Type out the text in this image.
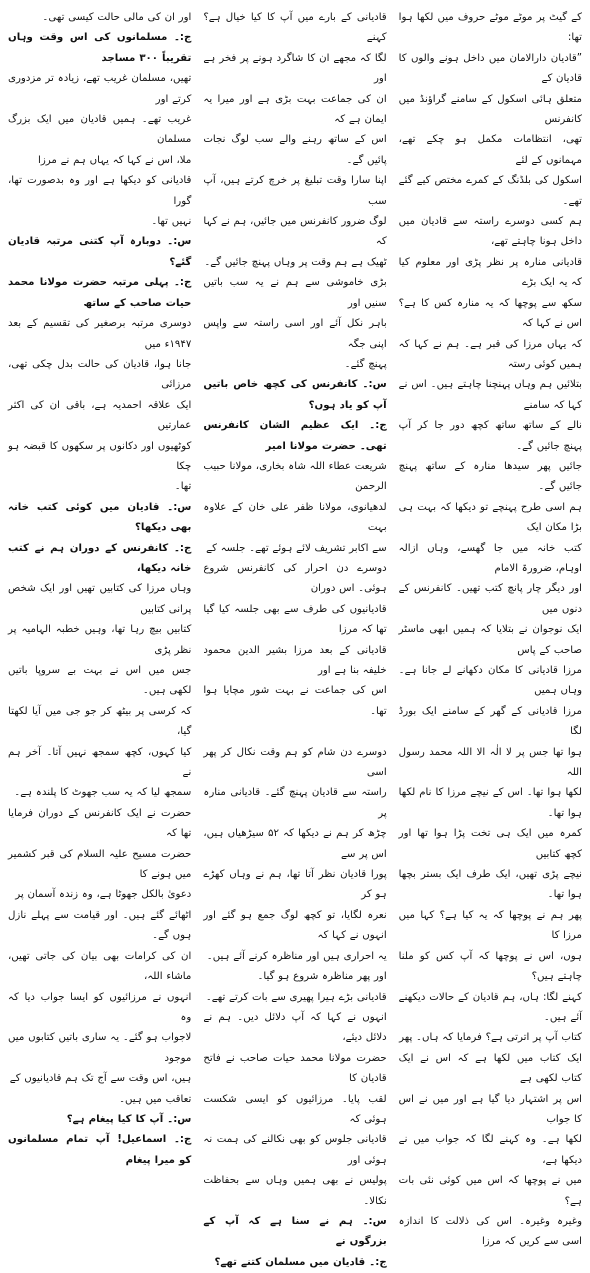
کے گیٹ پر موٹے موٹے حروف میں لکھا ہوا تھا:

”قادیان دارالامان میں داخل ہونے والوں کا قادیان کے

متعلق ہائی اسکول کے سامنے گراؤنڈ میں کانفرنس

تھی، انتظامات مکمل ہو چکے تھے، مہمانوں کے لئے

اسکول کی بلڈنگ کے کمرے مختص کیے گئے تھے۔

ہم کسی دوسرے راستہ سے قادیان میں داخل ہونا چاہتے تھے،

قادیانی منارہ پر نظر پڑی اور معلوم کیا کہ یہ ایک بڑے

سکھ سے پوچھا کہ یہ منارہ کس کا ہے؟ اس نے کہا کہ

کہ یہاں مرزا کی قبر ہے۔ ہم نے کہا کہ ہمیں کوئی رستہ

بتلائیں ہم وہاں پہنچنا چاہتے ہیں۔ اس نے کہا کہ سامنے

نالے کے ساتھ ساتھ کچھ دور جا کر آپ پہنچ جائیں گے۔

جائیں پھر سیدھا منارہ کے ساتھ پہنچ جائیں گے۔

ہم اسی طرح پہنچے تو دیکھا کہ بہت ہی بڑا مکان ایک

کتب خانہ میں جا گھسے، وہاں ازالہ اوہام، ضرورۃ الامام

اور دیگر چار پانچ کتب تھیں۔ کانفرنس کے دنوں میں

ایک نوجوان نے بتلایا کہ ہمیں ابھی ماسٹر صاحب کے پاس

مرزا قادیانی کا مکان دکھانے لے جانا ہے۔ وہاں ہمیں

مرزا قادیانی کے گھر کے سامنے ایک بورڈ لگا

ہوا تھا جس پر لا الٰہ الا اللہ محمد رسول اللہ

لکھا ہوا تھا۔ اس کے نیچے مرزا کا نام لکھا ہوا تھا۔

کمرہ میں ایک ہی تخت پڑا ہوا تھا اور کچھ کتابیں

نیچے پڑی تھیں، ایک طرف ایک بستر بچھا ہوا تھا۔

پھر ہم نے پوچھا کہ یہ کیا ہے؟ کہا میں مرزا کا

ہوں، اس نے پوچھا کہ آپ کس کو ملنا چاہتے ہیں؟

کہنے لگا: ہاں، ہم قادیان کے حالات دیکھنے آئے ہیں۔

کتاب آپ پر اترتی ہے؟ فرمایا کہ ہاں۔ پھر

ایک کتاب میں لکھا ہے کہ اس نے ایک کتاب لکھی ہے

اس پر اشتہار دیا گیا ہے اور میں نے اس کا جواب

لکھا ہے۔ وہ کہنے لگا کہ جواب میں نے دیکھا ہے،

میں نے پوچھا کہ اس میں کوئی نئی بات ہے؟

وغیرہ وغیرہ۔ اس کی ذلالت کا اندازہ اسی سے کریں کہ مرزا

قادیانی کے بارے میں آپ کا کیا خیال ہے؟ کہنے

لگا کہ مجھے ان کا شاگرد ہونے پر فخر ہے اور

ان کی جماعت بہت بڑی ہے اور میرا یہ ایمان ہے کہ

اس کے ساتھ رہنے والے سب لوگ نجات پائیں گے۔

اپنا سارا وقت تبلیغ پر خرچ کرتے ہیں، آپ سب

لوگ ضرور کانفرنس میں جائیں، ہم نے کہا کہ

ٹھیک ہے ہم وقت پر وہاں پہنچ جائیں گے۔

بڑی خاموشی سے ہم نے یہ سب باتیں سنیں اور

باہر نکل آئے اور اسی راستہ سے واپس اپنی جگہ

پہنچ گئے۔

س:۔ کانفرنس کی کچھ خاص باتیں آپ کو یاد ہوں؟

ج:۔ ایک عظیم الشان کانفرنس تھی۔ حضرت مولانا امیر

شریعت عطاء اللہ شاہ بخاری، مولانا حبیب الرحمن

لدھیانوی، مولانا ظفر علی خان کے علاوہ بہت

سے اکابر تشریف لائے ہوئے تھے۔ جلسہ کے

دوسرے دن احرار کی کانفرنس شروع ہوئی۔ اس دوران

قادیانیوں کی طرف سے بھی جلسہ کیا گیا تھا کہ مرزا

قادیانی کے بعد مرزا بشیر الدین محمود خلیفہ بنا ہے اور

اس کی جماعت نے بہت شور مچایا ہوا تھا۔

دوسرے دن شام کو ہم وقت نکال کر پھر اسی

راستہ سے قادیان پہنچ گئے۔ قادیانی منارہ پر

چڑھ کر ہم نے دیکھا کہ ۵۲ سیڑھیاں ہیں، اس پر سے

پورا قادیان نظر آتا تھا، ہم نے وہاں کھڑے ہو کر

نعرہ لگایا، تو کچھ لوگ جمع ہو گئے اور انہوں نے کہا کہ

یہ احراری ہیں اور مناظرہ کرنے آئے ہیں۔

اور پھر مناظرہ شروع ہو گیا۔

قادیانی بڑے ہیرا پھیری سے بات کرتے تھے۔

انہوں نے کہا کہ آپ دلائل دیں۔ ہم نے دلائل دیئے،

حضرت مولانا محمد حیات صاحب نے فاتح قادیان کا

لقب پایا۔ مرزائیوں کو ایسی شکست ہوئی کہ

قادیانی جلوس کو بھی نکالنے کی ہمت نہ ہوئی اور

پولیس نے بھی ہمیں وہاں سے بحفاظت نکالا۔

س:۔ ہم نے سنا ہے کہ آپ کے بزرگوں نے

ج:۔ قادیان میں مسلمان کتنے تھے؟

اور ان کی مالی حالت کیسی تھی۔

ج:۔ مسلمانوں کی اس وقت وہاں تقریباً ۳۰۰ مساجد

تھیں، مسلمان غریب تھے، زیادہ تر مزدوری کرتے اور

غریب تھے۔ ہمیں قادیان میں ایک بزرگ مسلمان

ملا، اس نے کہا کہ یہاں ہم نے مرزا

قادیانی کو دیکھا ہے اور وہ بدصورت تھا، گورا

نہیں تھا۔

س:۔ دوبارہ آپ کتنی مرتبہ قادیان گئے؟

ج:۔ پہلی مرتبہ حضرت مولانا محمد حیات صاحب کے ساتھ

دوسری مرتبہ برصغیر کی تقسیم کے بعد ۱۹۴۷ء میں

جانا ہوا، قادیان کی حالت بدل چکی تھی، مرزائی

ایک علاقہ احمدیہ ہے، باقی ان کی اکثر عمارتیں

کوٹھیوں اور دکانوں پر سکھوں کا قبضہ ہو چکا

تھا۔

س:۔ قادیان میں کوئی کتب خانہ بھی دیکھا؟

ج:۔ کانفرنس کے دوران ہم نے کتب خانہ دیکھا،

وہاں مرزا کی کتابیں تھیں اور ایک شخص پرانی کتابیں

کتابیں بیچ رہا تھا، وہیں خطبہ الہامیہ پر نظر پڑی

جس میں اس نے بہت بے سروپا باتیں لکھی ہیں۔

کہ کرسی پر بیٹھ کر جو جی میں آیا لکھتا گیا،

کیا کہوں، کچھ سمجھ نہیں آتا۔ آخر ہم نے

سمجھ لیا کہ یہ سب جھوٹ کا پلندہ ہے۔

حضرت نے ایک کانفرنس کے دوران فرمایا تھا کہ

حضرت مسیح علیہ السلام کی قبر کشمیر میں ہونے کا

دعویٰ بالکل جھوٹا ہے، وہ زندہ آسمان پر

اٹھائے گئے ہیں۔ اور قیامت سے پہلے نازل ہوں گے۔

ان کی کرامات بھی بیان کی جاتی تھیں، ماشاء اللہ،

انہوں نے مرزائیوں کو ایسا جواب دیا کہ وہ

لاجواب ہو گئے۔ یہ ساری باتیں کتابوں میں موجود

ہیں، اس وقت سے آج تک ہم قادیانیوں کے

تعاقب میں ہیں۔

س:۔ آپ کا کیا پیغام ہے؟

ج:۔ اسماعیل! آپ تمام مسلمانوں کو میرا پیغام
